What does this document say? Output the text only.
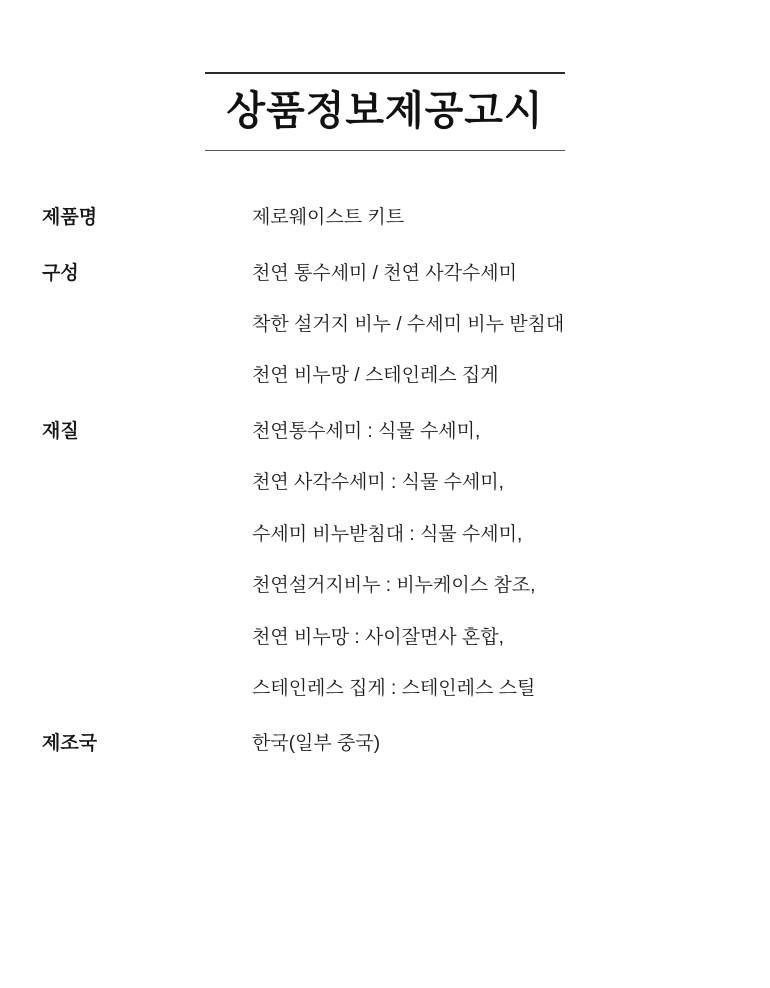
상품정보제공고시
제품명	제로웨이스트 키트
구성	천연 통수세미 / 천연 사각수세미
착한 설거지 비누 / 수세미 비누 받침대
천연 비누망 / 스테인레스 집게
재질	천연통수세미 : 식물 수세미,
천연 사각수세미 : 식물 수세미,
수세미 비누받침대 : 식물 수세미,
천연설거지비누 : 비누케이스 참조,
천연 비누망 : 사이잘면사 혼합,
스테인레스 집게 : 스테인레스 스틸
제조국	한국(일부 중국)
